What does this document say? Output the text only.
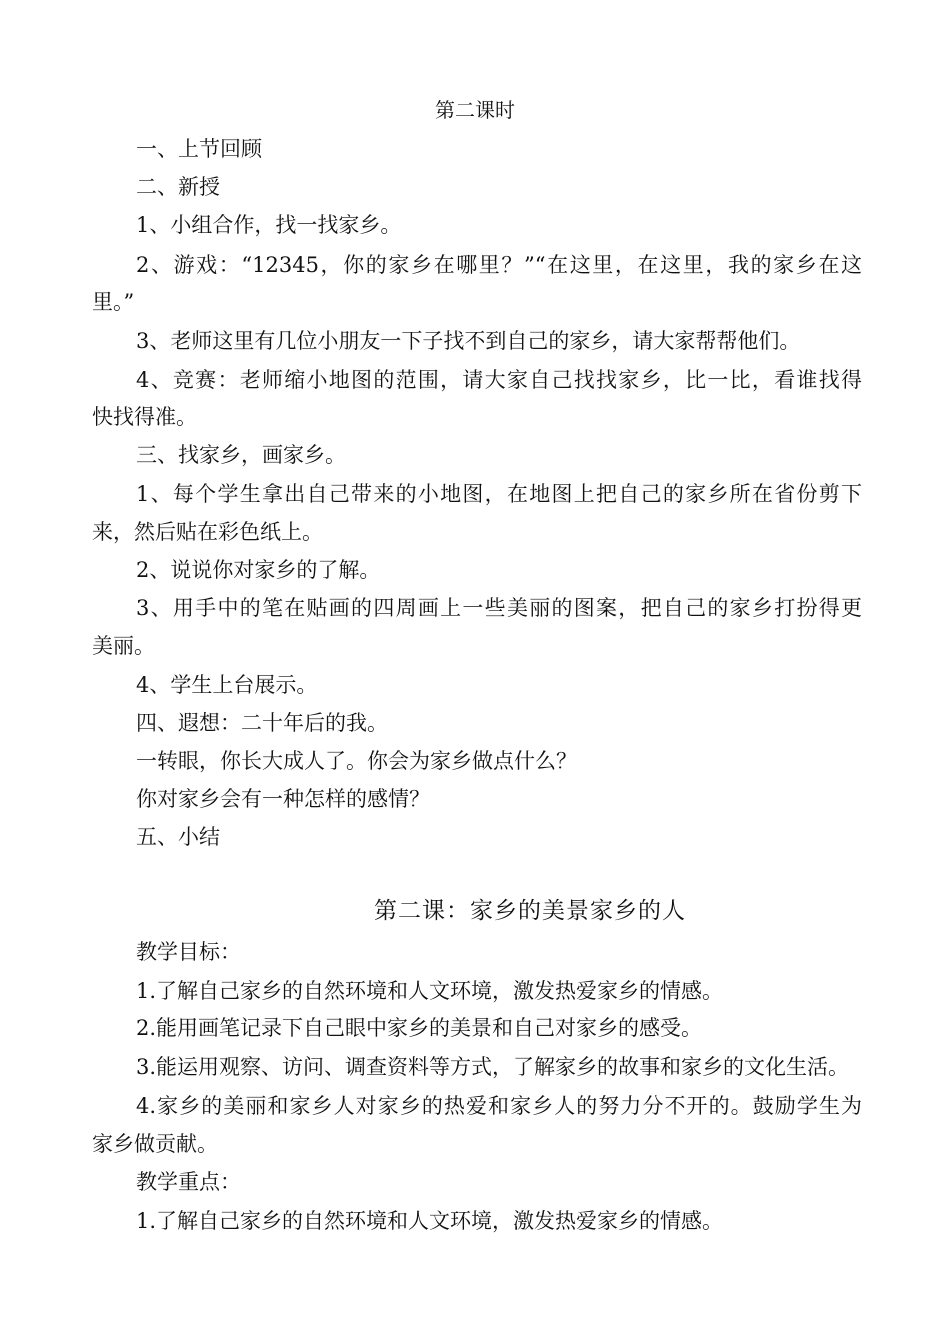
第二课时
一、上节回顾
二、新授
1、小组合作，找一找家乡。
2、游戏：“12345，你的家乡在哪里？”“在这里，在这里，我的家乡在这
里。”
3、老师这里有几位小朋友一下子找不到自己的家乡，请大家帮帮他们。
4、竞赛：老师缩小地图的范围，请大家自己找找家乡，比一比，看谁找得
快找得准。
三、找家乡，画家乡。
1、每个学生拿出自己带来的小地图，在地图上把自己的家乡所在省份剪下
来，然后贴在彩色纸上。
2、说说你对家乡的了解。
3、用手中的笔在贴画的四周画上一些美丽的图案，把自己的家乡打扮得更
美丽。
4、学生上台展示。
四、遐想：二十年后的我。
一转眼，你长大成人了。你会为家乡做点什么？
你对家乡会有一种怎样的感情？
五、小结
第二课：家乡的美景家乡的人
教学目标：
1.了解自己家乡的自然环境和人文环境，激发热爱家乡的情感。
2.能用画笔记录下自己眼中家乡的美景和自己对家乡的感受。
3.能运用观察、访问、调查资料等方式，了解家乡的故事和家乡的文化生活。
4.家乡的美丽和家乡人对家乡的热爱和家乡人的努力分不开的。鼓励学生为
家乡做贡献。
教学重点：
1.了解自己家乡的自然环境和人文环境，激发热爱家乡的情感。
